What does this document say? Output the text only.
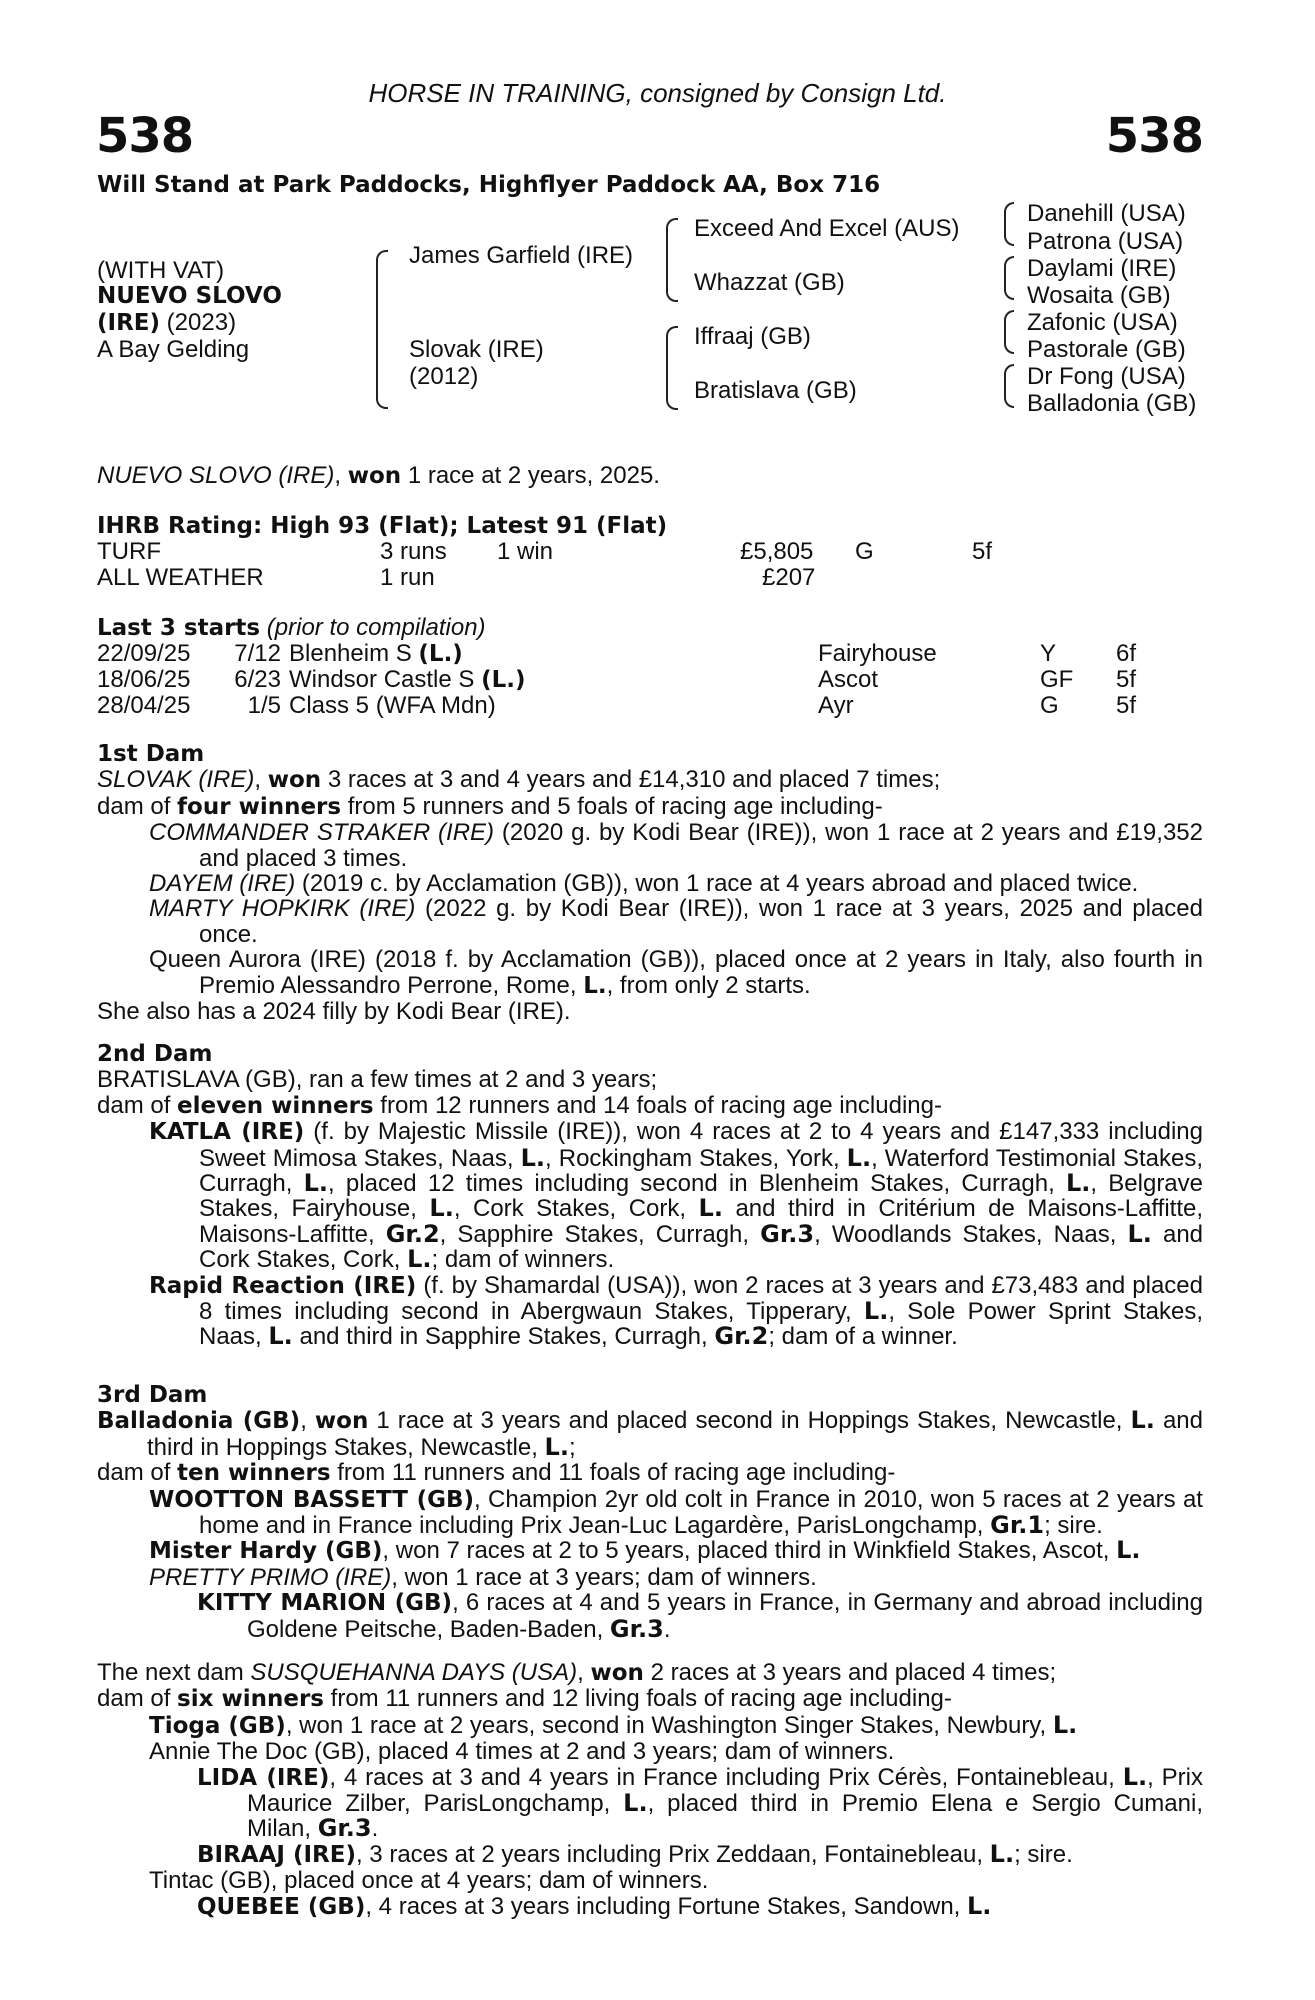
HORSE IN TRAINING, consigned by Consign Ltd.
538	538
Will Stand at Park Paddocks, Highflyer Paddock AA, Box 716
(WITH VAT)
NUEVO SLOVO
(IRE) (2023)
A Bay Gelding
James Garfield (IRE)
Slovak (IRE)
(2012)
Exceed And Excel (AUS)
Whazzat (GB)
Iffraaj (GB)
Bratislava (GB)
Danehill (USA)
Patrona (USA)
Daylami (IRE)
Wosaita (GB)
Zafonic (USA)
Pastorale (GB)
Dr Fong (USA)
Balladonia (GB)
NUEVO SLOVO (IRE), won 1 race at 2 years, 2025.
IHRB Rating: High 93 (Flat); Latest 91 (Flat)
TURF	3 runs 1 win	£5,805 G	5f
ALL WEATHER	1 run	£207
Last 3 starts (prior to compilation)
22/09/25	7/12 Blenheim S (L.)	Fairyhouse	Y 6f
18/06/25	6/23 Windsor Castle S (L.)	Ascot	GF 5f
28/04/25	1/5 Class 5 (WFA Mdn)	Ayr	G 5f

1st Dam

SLOVAK (IRE), won 3 races at 3 and 4 years and £14,310 and placed 7 times;

dam of four winners from 5 runners and 5 foals of racing age including-

COMMANDER STRAKER (IRE) (2020 g. by Kodi Bear (IRE)), won 1 race at 2 years and £19,352 and placed 3 times.

DAYEM (IRE) (2019 c. by Acclamation (GB)), won 1 race at 4 years abroad and placed twice.

MARTY HOPKIRK (IRE) (2022 g. by Kodi Bear (IRE)), won 1 race at 3 years, 2025 and placed once.

Queen Aurora (IRE) (2018 f. by Acclamation (GB)), placed once at 2 years in Italy, also fourth in Premio Alessandro Perrone, Rome, L., from only 2 starts.

She also has a 2024 filly by Kodi Bear (IRE).

2nd Dam

BRATISLAVA (GB), ran a few times at 2 and 3 years;

dam of eleven winners from 12 runners and 14 foals of racing age including-

KATLA (IRE) (f. by Majestic Missile (IRE)), won 4 races at 2 to 4 years and £147,333 including Sweet Mimosa Stakes, Naas, L., Rockingham Stakes, York, L., Waterford Testimonial Stakes, Curragh, L., placed 12 times including second in Blenheim Stakes, Curragh, L., Belgrave Stakes, Fairyhouse, L., Cork Stakes, Cork, L. and third in Critérium de Maisons-Laffitte, Maisons-Laffitte, Gr.2, Sapphire Stakes, Curragh, Gr.3, Woodlands Stakes, Naas, L. and Cork Stakes, Cork, L.; dam of winners.

Rapid Reaction (IRE) (f. by Shamardal (USA)), won 2 races at 3 years and £73,483 and placed 8 times including second in Abergwaun Stakes, Tipperary, L., Sole Power Sprint Stakes, Naas, L. and third in Sapphire Stakes, Curragh, Gr.2; dam of a winner.

3rd Dam

Balladonia (GB), won 1 race at 3 years and placed second in Hoppings Stakes, Newcastle, L. and third in Hoppings Stakes, Newcastle, L.;

dam of ten winners from 11 runners and 11 foals of racing age including-

WOOTTON BASSETT (GB), Champion 2yr old colt in France in 2010, won 5 races at 2 years at home and in France including Prix Jean-Luc Lagardère, ParisLongchamp, Gr.1; sire.

Mister Hardy (GB), won 7 races at 2 to 5 years, placed third in Winkfield Stakes, Ascot, L.

PRETTY PRIMO (IRE), won 1 race at 3 years; dam of winners.

KITTY MARION (GB), 6 races at 4 and 5 years in France, in Germany and abroad including Goldene Peitsche, Baden-Baden, Gr.3.

The next dam SUSQUEHANNA DAYS (USA), won 2 races at 3 years and placed 4 times;

dam of six winners from 11 runners and 12 living foals of racing age including-

Tioga (GB), won 1 race at 2 years, second in Washington Singer Stakes, Newbury, L.

Annie The Doc (GB), placed 4 times at 2 and 3 years; dam of winners.

LIDA (IRE), 4 races at 3 and 4 years in France including Prix Cérès, Fontainebleau, L., Prix Maurice Zilber, ParisLongchamp, L., placed third in Premio Elena e Sergio Cumani, Milan, Gr.3.

BIRAAJ (IRE), 3 races at 2 years including Prix Zeddaan, Fontainebleau, L.; sire.

Tintac (GB), placed once at 4 years; dam of winners.

QUEBEE (GB), 4 races at 3 years including Fortune Stakes, Sandown, L.
